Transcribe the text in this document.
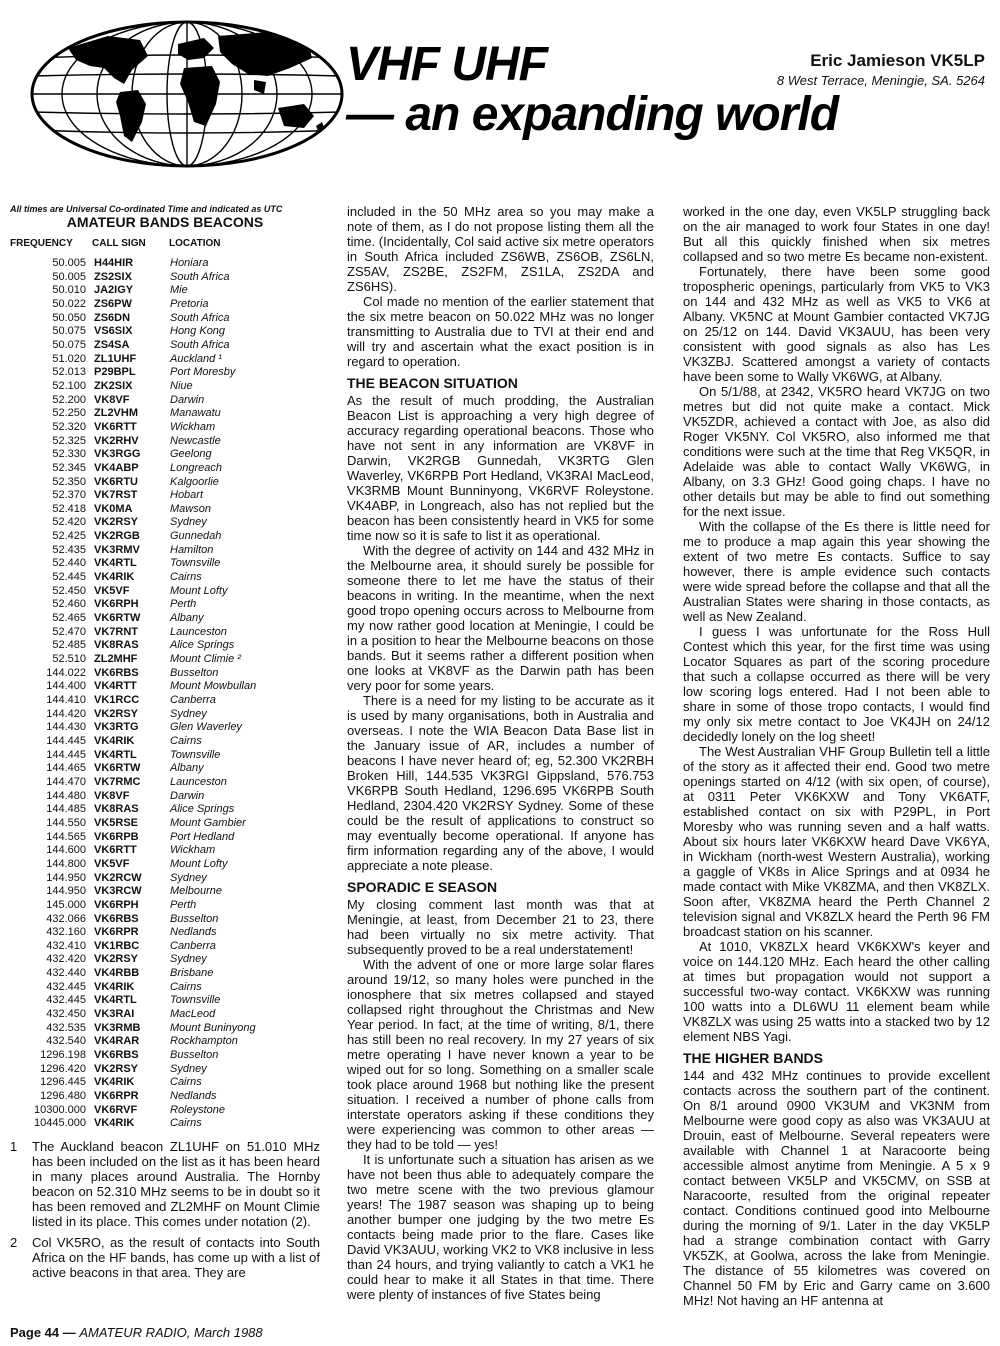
VHF UHF

— an expanding world

Eric Jamieson VK5LP

8 West Terrace, Meningie, SA. 5264

All times are Universal Co-ordinated Time and indicated as UTC

AMATEUR BANDS BEACONS
FREQUENCY	CALL SIGN	LOCATION
50.005	H44HIR	Honiara
50.005	ZS2SIX	South Africa
50.010	JA2IGY	Mie
50.022	ZS6PW	Pretoria
50.050	ZS6DN	South Africa
50.075	VS6SIX	Hong Kong
50.075	ZS4SA	South Africa
51.020	ZL1UHF	Auckland ¹
52.013	P29BPL	Port Moresby
52.100	ZK2SIX	Niue
52.200	VK8VF	Darwin
52.250	ZL2VHM	Manawatu
52.320	VK6RTT	Wickham
52.325	VK2RHV	Newcastle
52.330	VK3RGG	Geelong
52.345	VK4ABP	Longreach
52.350	VK6RTU	Kalgoorlie
52.370	VK7RST	Hobart
52.418	VK0MA	Mawson
52.420	VK2RSY	Sydney
52.425	VK2RGB	Gunnedah
52.435	VK3RMV	Hamilton
52.440	VK4RTL	Townsville
52.445	VK4RIK	Cairns
52.450	VK5VF	Mount Lofty
52.460	VK6RPH	Perth
52.465	VK6RTW	Albany
52.470	VK7RNT	Launceston
52.485	VK8RAS	Alice Springs
52.510	ZL2MHF	Mount Climie ²
144.022	VK6RBS	Busselton
144.400	VK4RTT	Mount Mowbullan
144.410	VK1RCC	Canberra
144.420	VK2RSY	Sydney
144.430	VK3RTG	Glen Waverley
144.445	VK4RIK	Cairns
144.445	VK4RTL	Townsville
144.465	VK6RTW	Albany
144.470	VK7RMC	Launceston
144.480	VK8VF	Darwin
144.485	VK8RAS	Alice Springs
144.550	VK5RSE	Mount Gambier
144.565	VK6RPB	Port Hedland
144.600	VK6RTT	Wickham
144.800	VK5VF	Mount Lofty
144.950	VK2RCW	Sydney
144.950	VK3RCW	Melbourne
145.000	VK6RPH	Perth
432.066	VK6RBS	Busselton
432.160	VK6RPR	Nedlands
432.410	VK1RBC	Canberra
432.420	VK2RSY	Sydney
432.440	VK4RBB	Brisbane
432.445	VK4RIK	Cairns
432.445	VK4RTL	Townsville
432.450	VK3RAI	MacLeod
432.535	VK3RMB	Mount Buninyong
432.540	VK4RAR	Rockhampton
1296.198	VK6RBS	Busselton
1296.420	VK2RSY	Sydney
1296.445	VK4RIK	Cairns
1296.480	VK6RPR	Nedlands
10300.000	VK6RVF	Roleystone
10445.000	VK4RIK	Cairns
1	The Auckland beacon ZL1UHF on 51.010 MHz has been included on the list as it has been heard in many places around Australia. The Hornby beacon on 52.310 MHz seems to be in doubt so it has been removed and ZL2MHF on Mount Climie listed in its place. This comes under notation (2).
2	Col VK5RO, as the result of contacts into South Africa on the HF bands, has come up with a list of active beacons in that area. They are

included in the 50 MHz area so you may make a note of them, as I do not propose listing them all the time. (Incidentally, Col said active six metre operators in South Africa included ZS6WB, ZS6OB, ZS6LN, ZS5AV, ZS2BE, ZS2FM, ZS1LA, ZS2DA and ZS6HS).

Col made no mention of the earlier statement that the six metre beacon on 50.022 MHz was no longer transmitting to Australia due to TVI at their end and will try and ascertain what the exact position is in regard to operation.

THE BEACON SITUATION

As the result of much prodding, the Australian Beacon List is approaching a very high degree of accuracy regarding operational beacons. Those who have not sent in any information are VK8VF in Darwin, VK2RGB Gunnedah, VK3RTG Glen Waverley, VK6RPB Port Hedland, VK3RAI MacLeod, VK3RMB Mount Bunninyong, VK6RVF Roleystone. VK4ABP, in Longreach, also has not replied but the beacon has been consistently heard in VK5 for some time now so it is safe to list it as operational.

With the degree of activity on 144 and 432 MHz in the Melbourne area, it should surely be possible for someone there to let me have the status of their beacons in writing. In the meantime, when the next good tropo opening occurs across to Melbourne from my now rather good location at Meningie, I could be in a position to hear the Melbourne beacons on those bands. But it seems rather a different position when one looks at VK8VF as the Darwin path has been very poor for some years.

There is a need for my listing to be accurate as it is used by many organisations, both in Australia and overseas. I note the WIA Beacon Data Base list in the January issue of AR, includes a number of beacons I have never heard of; eg, 52.300 VK2RBH Broken Hill, 144.535 VK3RGI Gippsland, 576.753 VK6RPB South Hedland, 1296.695 VK6RPB South Hedland, 2304.420 VK2RSY Sydney. Some of these could be the result of applications to construct so may eventually become operational. If anyone has firm information regarding any of the above, I would appreciate a note please.

SPORADIC E SEASON

My closing comment last month was that at Meningie, at least, from December 21 to 23, there had been virtually no six metre activity. That subsequently proved to be a real understatement!

With the advent of one or more large solar flares around 19/12, so many holes were punched in the ionosphere that six metres collapsed and stayed collapsed right throughout the Christmas and New Year period. In fact, at the time of writing, 8/1, there has still been no real recovery. In my 27 years of six metre operating I have never known a year to be wiped out for so long. Something on a smaller scale took place around 1968 but nothing like the present situation. I received a number of phone calls from interstate operators asking if these conditions they were experiencing was common to other areas — they had to be told — yes!

It is unfortunate such a situation has arisen as we have not been thus able to adequately compare the two metre scene with the two previous glamour years! The 1987 season was shaping up to being another bumper one judging by the two metre Es contacts being made prior to the flare. Cases like David VK3AUU, working VK2 to VK8 inclusive in less than 24 hours, and trying valiantly to catch a VK1 he could hear to make it all States in that time. There were plenty of instances of five States being

worked in the one day, even VK5LP struggling back on the air managed to work four States in one day! But all this quickly finished when six metres collapsed and so two metre Es became non-existent.

Fortunately, there have been some good tropospheric openings, particularly from VK5 to VK3 on 144 and 432 MHz as well as VK5 to VK6 at Albany. VK5NC at Mount Gambier contacted VK7JG on 25/12 on 144. David VK3AUU, has been very consistent with good signals as also has Les VK3ZBJ. Scattered amongst a variety of contacts have been some to Wally VK6WG, at Albany.

On 5/1/88, at 2342, VK5RO heard VK7JG on two metres but did not quite make a contact. Mick VK5ZDR, achieved a contact with Joe, as also did Roger VK5NY. Col VK5RO, also informed me that conditions were such at the time that Reg VK5QR, in Adelaide was able to contact Wally VK6WG, in Albany, on 3.3 GHz! Good going chaps. I have no other details but may be able to find out something for the next issue.

With the collapse of the Es there is little need for me to produce a map again this year showing the extent of two metre Es contacts. Suffice to say however, there is ample evidence such contacts were wide spread before the collapse and that all the Australian States were sharing in those contacts, as well as New Zealand.

I guess I was unfortunate for the Ross Hull Contest which this year, for the first time was using Locator Squares as part of the scoring procedure that such a collapse occurred as there will be very low scoring logs entered. Had I not been able to share in some of those tropo contacts, I would find my only six metre contact to Joe VK4JH on 24/12 decidedly lonely on the log sheet!

The West Australian VHF Group Bulletin tell a little of the story as it affected their end. Good two metre openings started on 4/12 (with six open, of course), at 0311 Peter VK6KXW and Tony VK6ATF, established contact on six with P29PL, in Port Moresby who was running seven and a half watts. About six hours later VK6KXW heard Dave VK6YA, in Wickham (north-west Western Australia), working a gaggle of VK8s in Alice Springs and at 0934 he made contact with Mike VK8ZMA, and then VK8ZLX. Soon after, VK8ZMA heard the Perth Channel 2 television signal and VK8ZLX heard the Perth 96 FM broadcast station on his scanner.

At 1010, VK8ZLX heard VK6KXW's keyer and voice on 144.120 MHz. Each heard the other calling at times but propagation would not support a successful two-way contact. VK6KXW was running 100 watts into a DL6WU 11 element beam while VK8ZLX was using 25 watts into a stacked two by 12 element NBS Yagi.

THE HIGHER BANDS

144 and 432 MHz continues to provide excellent contacts across the southern part of the continent. On 8/1 around 0900 VK3UM and VK3NM from Melbourne were good copy as also was VK3AUU at Drouin, east of Melbourne. Several repeaters were available with Channel 1 at Naracoorte being accessible almost anytime from Meningie. A 5 x 9 contact between VK5LP and VK5CMV, on SSB at Naracoorte, resulted from the original repeater contact. Conditions continued good into Melbourne during the morning of 9/1. Later in the day VK5LP had a strange combination contact with Garry VK5ZK, at Goolwa, across the lake from Meningie. The distance of 55 kilometres was covered on Channel 50 FM by Eric and Garry came on 3.600 MHz! Not having an HF antenna at

Page 44 — AMATEUR RADIO, March 1988
